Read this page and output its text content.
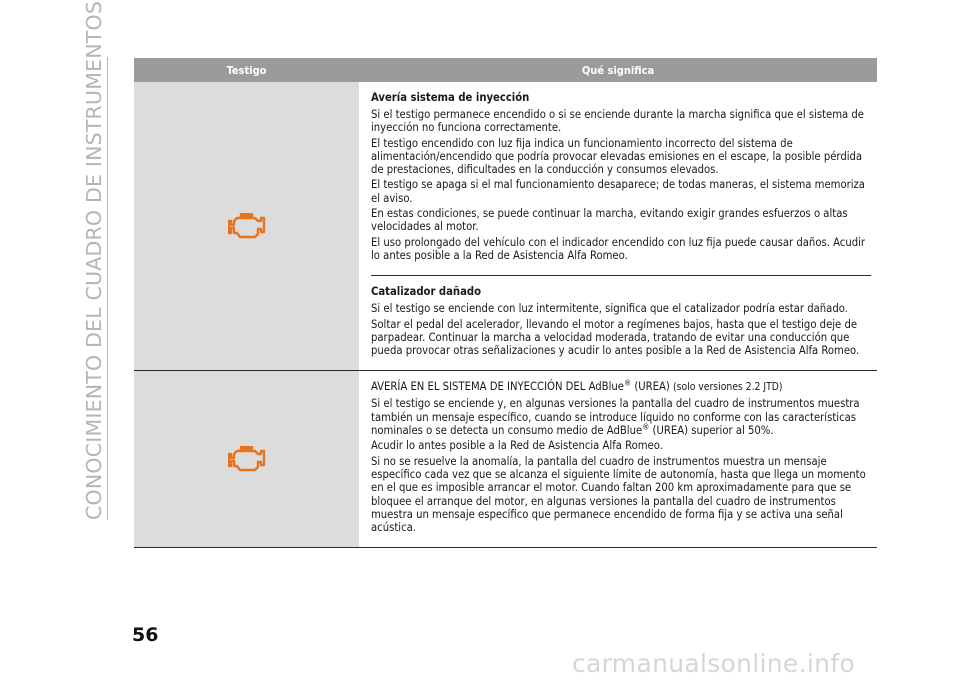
CONOCIMIENTO DEL CUADRO DE INSTRUMENTOS	Testigo	Qué significa
Avería sistema de inyección

Si el testigo permanece encendido o si se enciende durante la marcha significa que el sistema de inyección no funciona correctamente.

El testigo encendido con luz fija indica un funcionamiento incorrecto del sistema de alimentación/encendido que podría provocar elevadas emisiones en el escape, la posible pérdida de prestaciones, dificultades en la conducción y consumos elevados.

El testigo se apaga si el mal funcionamiento desaparece; de todas maneras, el sistema memoriza el aviso.

En estas condiciones, se puede continuar la marcha, evitando exigir grandes esfuerzos o altas velocidades al motor.

El uso prolongado del vehículo con el indicador encendido con luz fija puede causar daños. Acudir lo antes posible a la Red de Asistencia Alfa Romeo.

Catalizador dañado

Si el testigo se enciende con luz intermitente, significa que el catalizador podría estar dañado.

Soltar el pedal del acelerador, llevando el motor a regímenes bajos, hasta que el testigo deje de parpadear. Continuar la marcha a velocidad moderada, tratando de evitar una conducción que pueda provocar otras señalizaciones y acudir lo antes posible a la Red de Asistencia Alfa Romeo.

AVERÍA EN EL SISTEMA DE INYECCIÓN DEL AdBlue® (UREA) (solo versiones 2.2 JTD)

Si el testigo se enciende y, en algunas versiones la pantalla del cuadro de instrumentos muestra también un mensaje específico, cuando se introduce líquido no conforme con las características nominales o se detecta un consumo medio de AdBlue® (UREA) superior al 50%.

Acudir lo antes posible a la Red de Asistencia Alfa Romeo.

Si no se resuelve la anomalía, la pantalla del cuadro de instrumentos muestra un mensaje específico cada vez que se alcanza el siguiente límite de autonomía, hasta que llega un momento en el que es imposible arrancar el motor. Cuando faltan 200 km aproximadamente para que se bloquee el arranque del motor, en algunas versiones la pantalla del cuadro de instrumentos muestra un mensaje específico que permanece encendido de forma fija y se activa una señal acústica.

56
carmanualsonline.info
